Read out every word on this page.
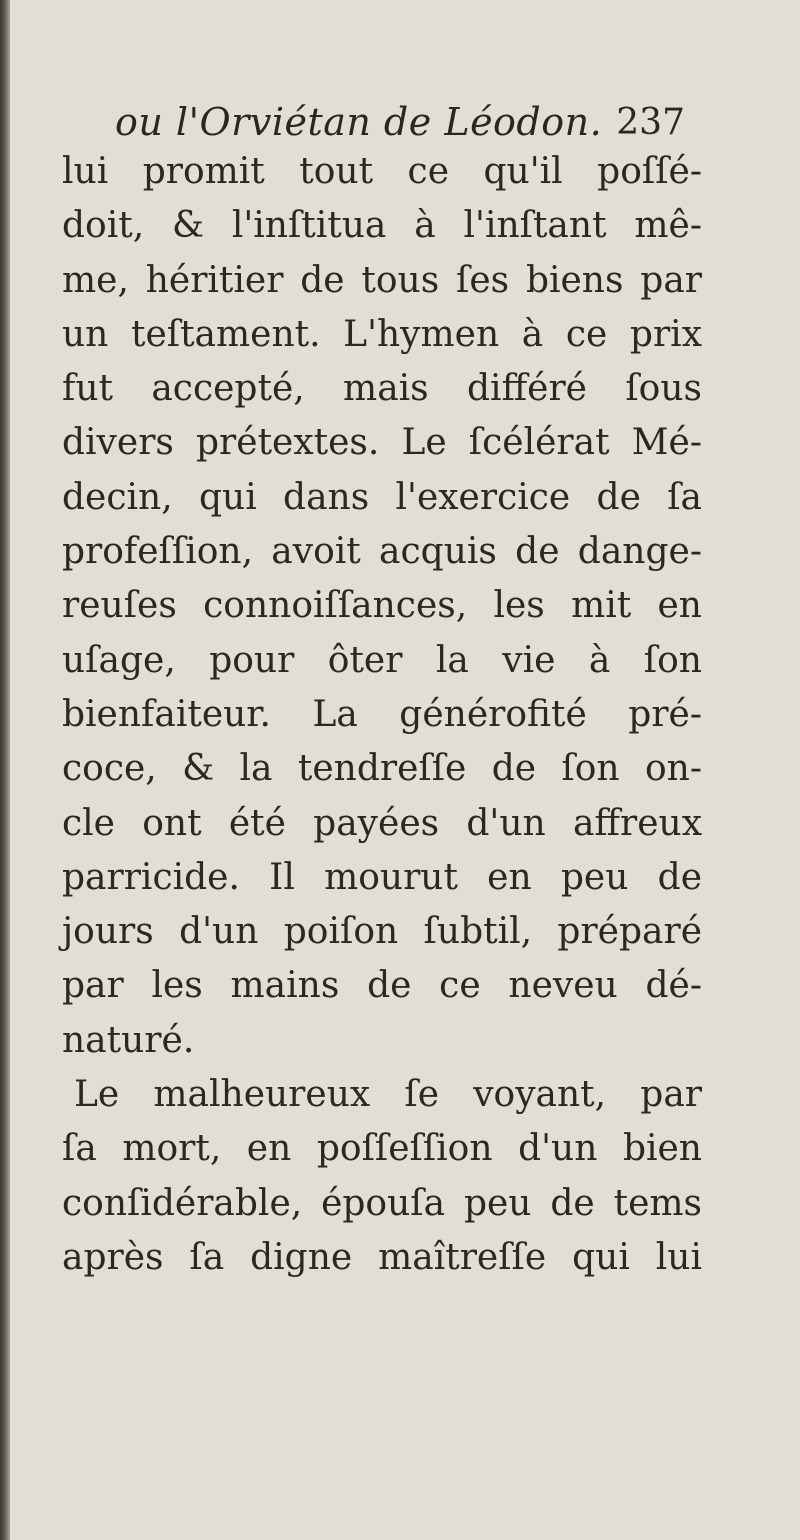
ou l'Orviétan de Léodon. 237
lui promit tout ce qu'il poſſé-
doit, & l'inſtitua à l'inſtant mê-
me, héritier de tous ſes biens par
un teſtament. L'hymen à ce prix
fut accepté, mais différé ſous
divers prétextes. Le ſcélérat Mé-
decin, qui dans l'exercice de ſa
profeſſion, avoit acquis de dange-
reuſes connoiſſances, les mit en
uſage, pour ôter la vie à ſon
bienfaiteur. La générofité pré-
coce, & la tendreſſe de ſon on-
cle ont été payées d'un affreux
parricide. Il mourut en peu de
jours d'un poiſon ſubtil, préparé
par les mains de ce neveu dé-
naturé.
Le malheureux ſe voyant, par
ſa mort, en poſſeſſion d'un bien
conſidérable, épouſa peu de tems
après ſa digne maîtreſſe qui lui
